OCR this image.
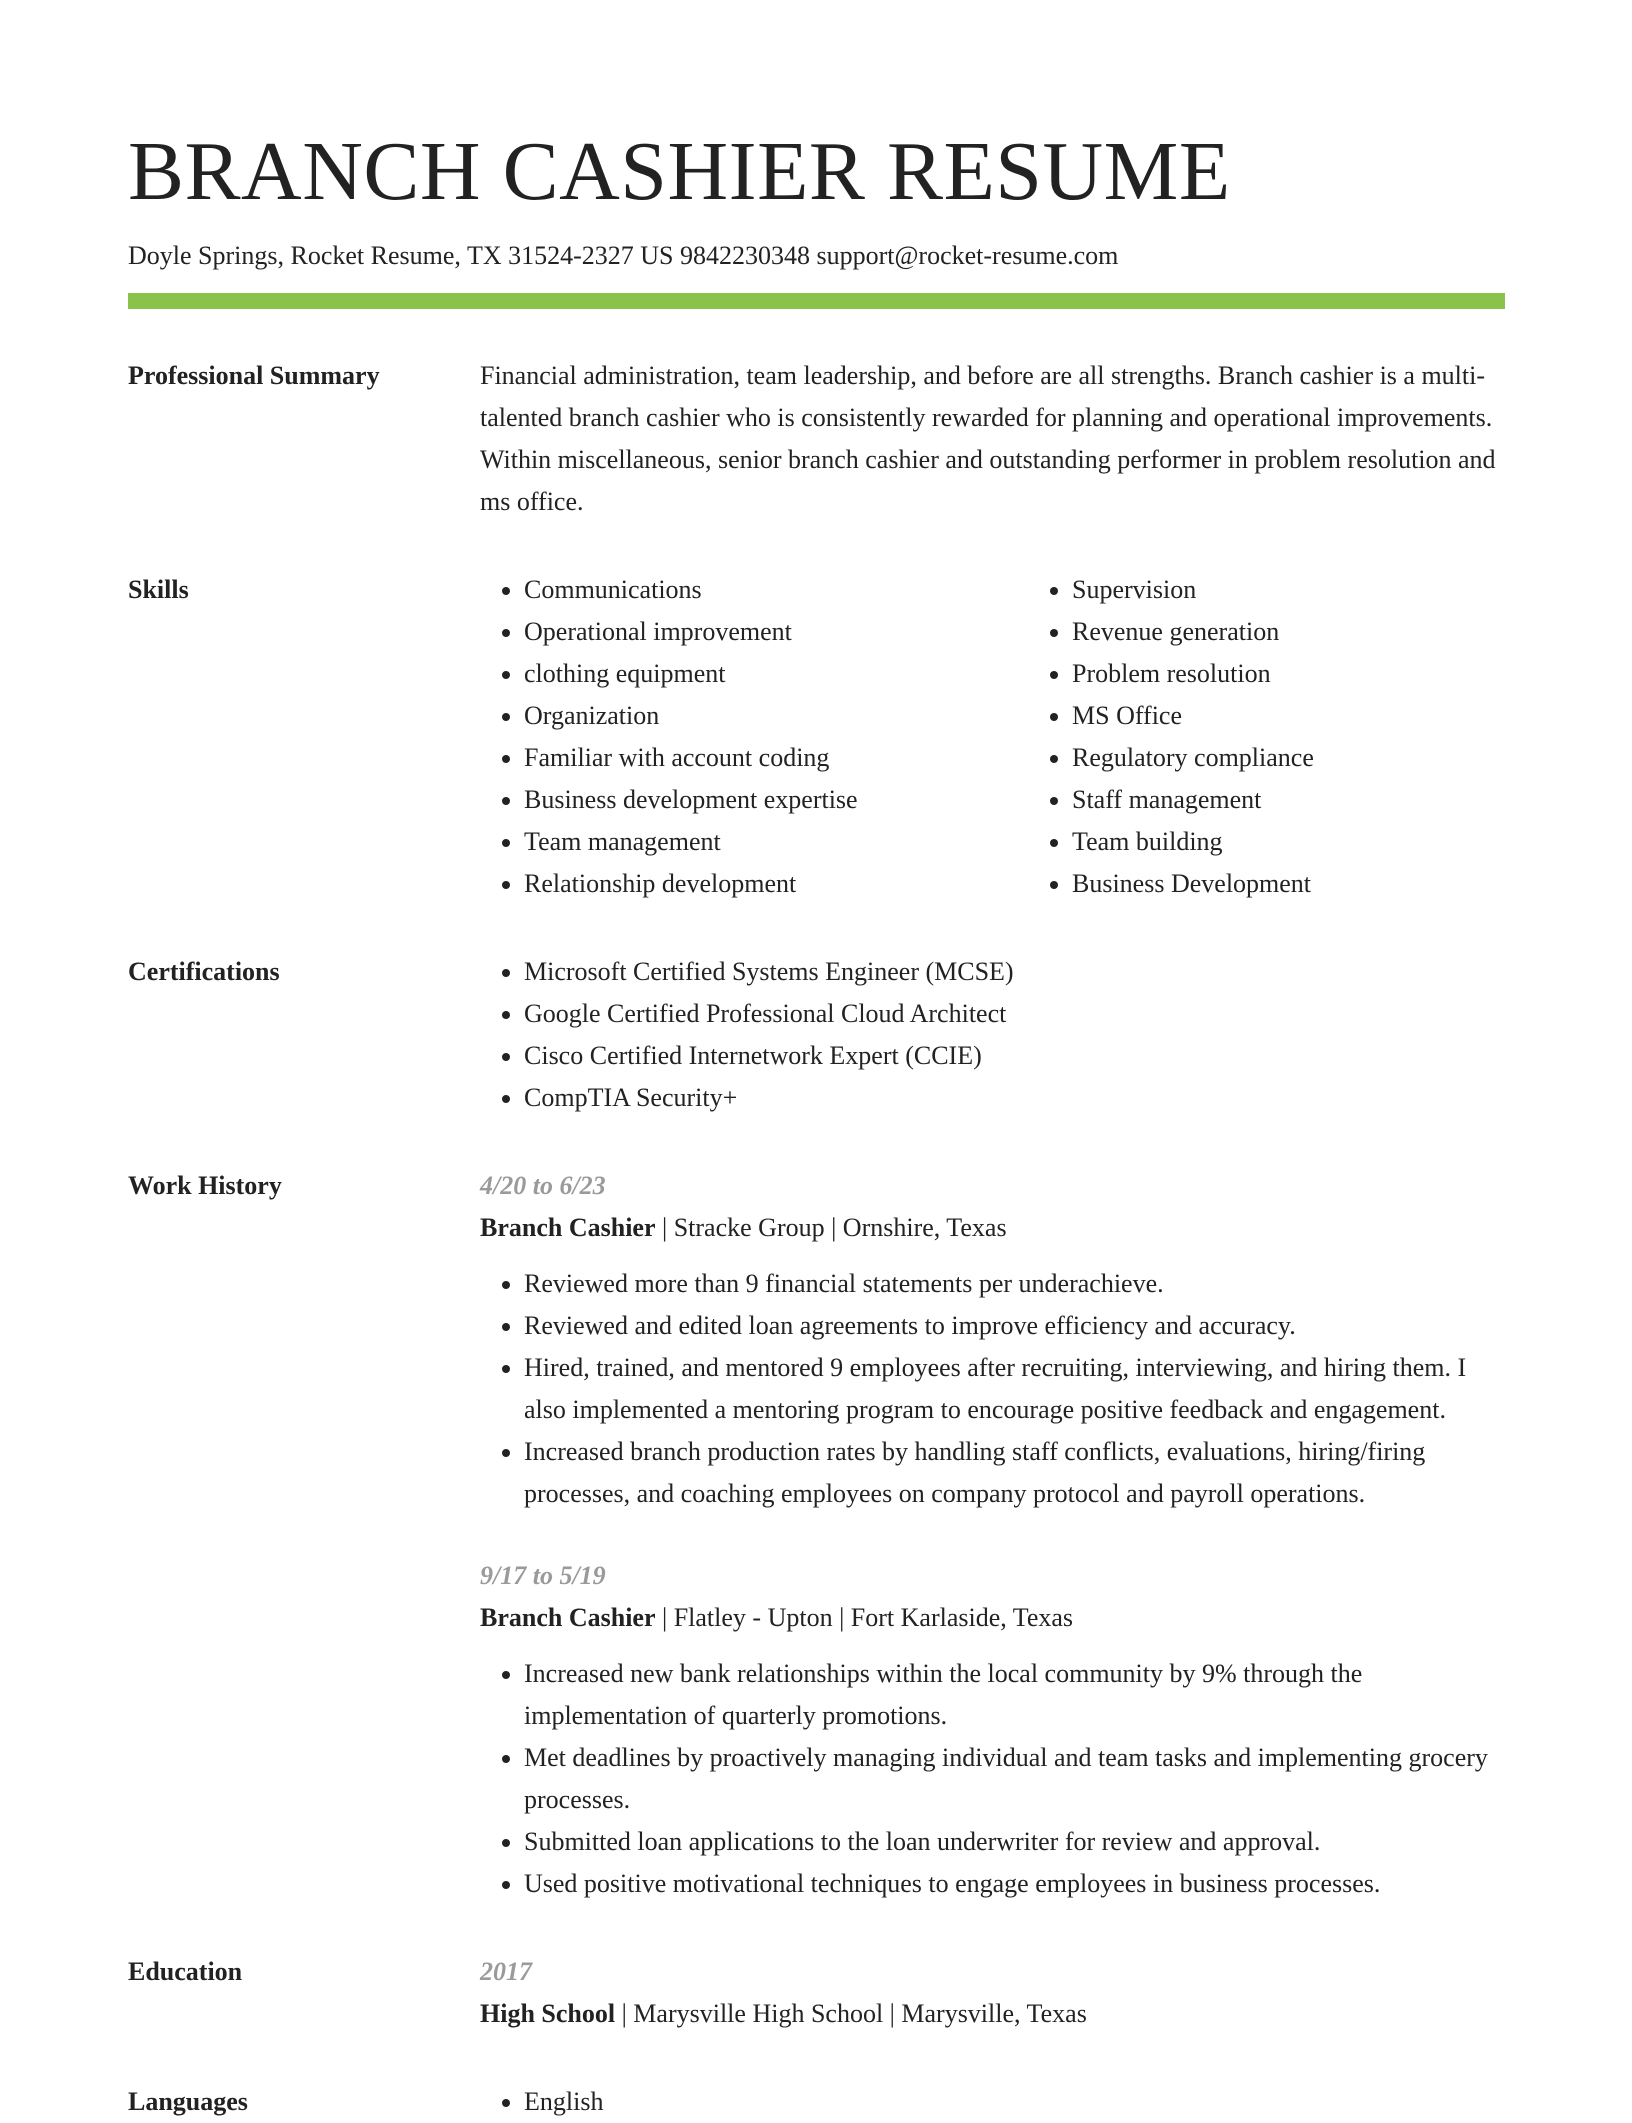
BRANCH CASHIER RESUME
Doyle Springs, Rocket Resume, TX 31524-2327 US 9842230348 support@rocket-resume.com
Professional Summary	Financial administration, team leadership, and before are all strengths. Branch cashier is a multi-talented branch cashier who is consistently rewarded for planning and operational improvements. Within miscellaneous, senior branch cashier and outstanding performer in problem resolution and ms office.
Skills	• Communications
• Operational improvement
• clothing equipment
• Organization
• Familiar with account coding
• Business development expertise
• Team management
• Relationship development
• Supervision
• Revenue generation
• Problem resolution
• MS Office
• Regulatory compliance
• Staff management
• Team building
• Business Development
Certifications	• Microsoft Certified Systems Engineer (MCSE)
• Google Certified Professional Cloud Architect
• Cisco Certified Internetwork Expert (CCIE)
• CompTIA Security+
Work History	4/20 to 6/23
Branch Cashier | Stracke Group | Ornshire, Texas
• Reviewed more than 9 financial statements per underachieve.
• Reviewed and edited loan agreements to improve efficiency and accuracy.
• Hired, trained, and mentored 9 employees after recruiting, interviewing, and hiring them. I also implemented a mentoring program to encourage positive feedback and engagement.
• Increased branch production rates by handling staff conflicts, evaluations, hiring/firing processes, and coaching employees on company protocol and payroll operations.
9/17 to 5/19
Branch Cashier | Flatley - Upton | Fort Karlaside, Texas
• Increased new bank relationships within the local community by 9% through the implementation of quarterly promotions.
• Met deadlines by proactively managing individual and team tasks and implementing grocery processes.
• Submitted loan applications to the loan underwriter for review and approval.
• Used positive motivational techniques to engage employees in business processes.
Education	2017
High School | Marysville High School | Marysville, Texas
Languages	• English
